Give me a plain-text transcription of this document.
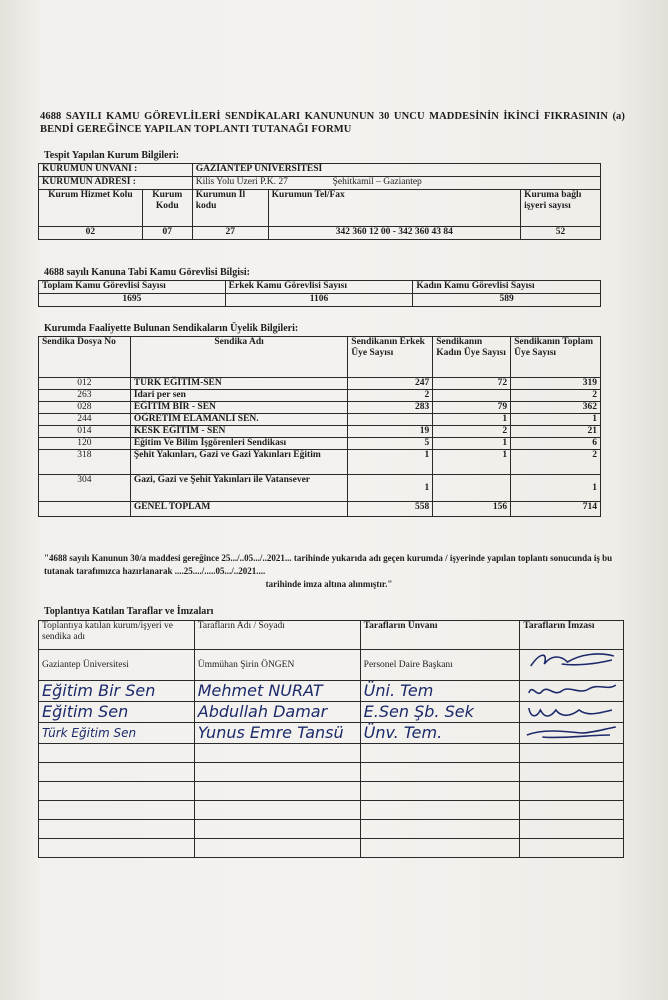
4688 SAYILI KAMU GÖREVLİLERİ SENDİKALARI KANUNUNUN 30 UNCU MADDESİNİN İKİNCİ FIKRASININ (a) BENDİ GEREĞİNCE YAPILAN TOPLANTI TUTANAĞI FORMU

Tespit Yapılan Kurum Bilgileri:

KURUMUN ÜNVANI :		GAZİANTEP ÜNİVERSİTESİ		
KURUMUN ADRESİ :		Kilis Yolu Üzeri P.K. 27 Şehitkamil – Gaziantep		
Kurum Hizmet Kolu	Kurum Kodu	Kurumun İl kodu	Kurumun Tel/Fax	Kuruma bağlı işyeri sayısı
02	07	27	342 360 12 00 - 342 360 43 84	52

4688 sayılı Kanuna Tabi Kamu Görevlisi Bilgisi:

Toplam Kamu Görevlisi Sayısı	Erkek Kamu Görevlisi Sayısı	Kadın Kamu Görevlisi Sayısı
1695	1106	589

Kurumda Faaliyette Bulunan Sendikaların Üyelik Bilgileri:

Sendika Dosya No	Sendika Adı	Sendikanın Erkek Üye Sayısı	Sendikanın Kadın Üye Sayısı	Sendikanın Toplam Üye Sayısı
012	TÜRK EĞİTİM-SEN	247	72	319
263	İdari per sen	2		2
028	EĞİTİM BİR - SEN	283	79	362
244	ÖĞRETİM ELAMANLI SEN.		1	1
014	KESK EĞİTİM - SEN	19	2	21
120	Eğitim Ve Bilim İşgörenleri Sendikası	5	1	6
318	Şehit Yakınları, Gazi ve Gazi Yakınları Eğitim	1	1	2
304	Gazi, Gazi ve Şehit Yakınları ile Vatansever	1		1
	GENEL TOPLAM	558	156	714

"4688 sayılı Kanunun 30/a maddesi gereğince 25.../..05.../..2021... tarihinde yukarıda adı geçen kurumda / işyerinde yapılan toplantı sonucunda iş bu tutanak tarafımızca hazırlanarak ....25..../.....05.../..2021....
tarihinde imza altına alınmıştır."

Toplantıya Katılan Taraflar ve İmzaları

Toplantıya katılan kurum/işyeri ve sendika adı	Tarafların Adı / Soyadı	Tarafların Ünvanı	Tarafların İmzası
Gaziantep Üniversitesi	Ümmühan Şirin ÖNGEN	Personel Daire Başkanı	

Eğitim Bir Sen	Mehmet NURAT	Üni. Tem	

Eğitim Sen	Abdullah Damar	E.Sen Şb. Sek	

Türk Eğitim Sen	Yunus Emre Tansü	Ünv. Tem.	
